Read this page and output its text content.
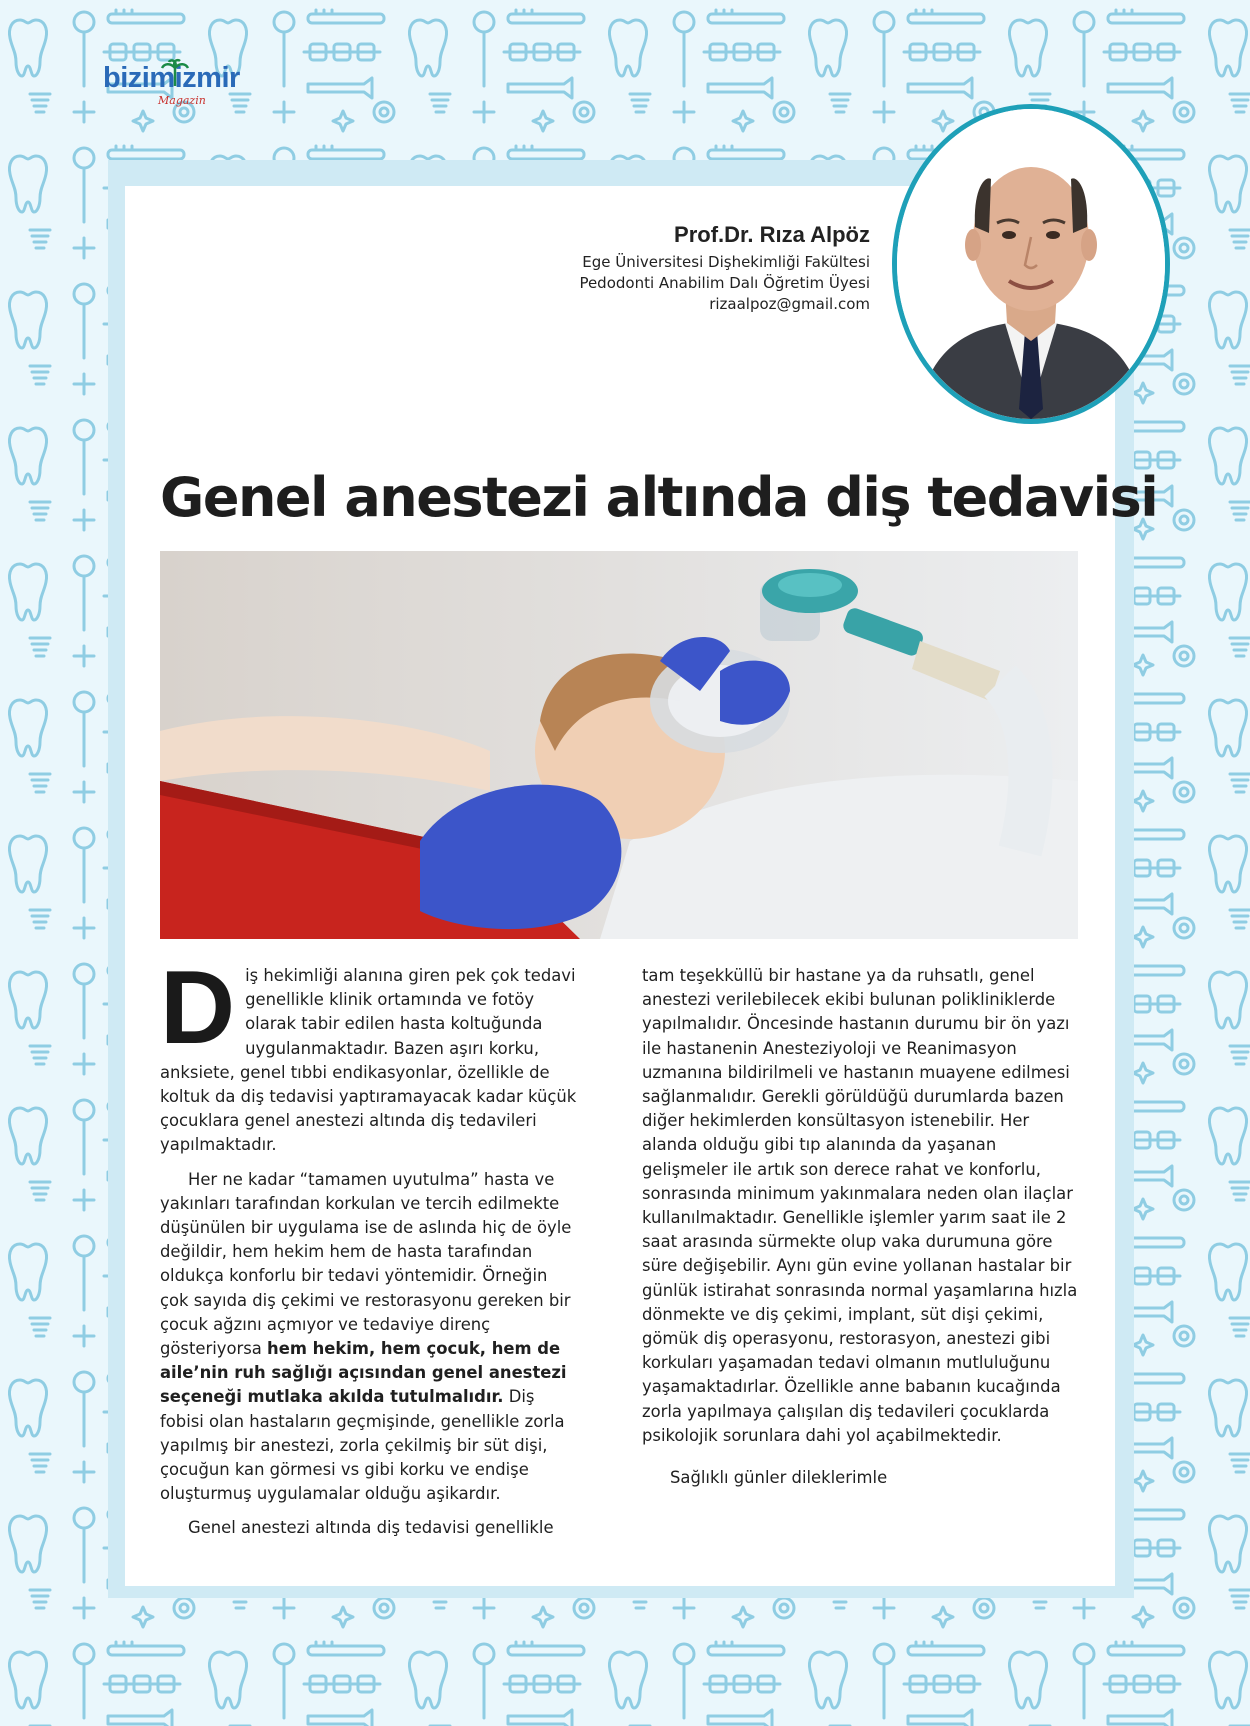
bizimizmir
Magazin
Prof.Dr. Rıza Alpöz
Ege Üniversitesi Dişhekimliği Fakültesi
Pedodonti Anabilim Dalı Öğretim Üyesi
rizaalpoz@gmail.com
Genel anestezi altında diş tedavisi

Diş hekimliği alanına giren pek çok tedavi genellikle klinik ortamında ve fotöy olarak tabir edilen hasta koltuğunda uygulanmaktadır. Bazen aşırı korku, anksiete, genel tıbbi endikasyonlar, özellikle de koltuk da diş tedavisi yaptıramayacak kadar küçük çocuklara genel anestezi altında diş tedavileri yapılmaktadır.

Her ne kadar “tamamen uyutulma” hasta ve yakınları tarafından korkulan ve tercih edilmekte düşünülen bir uygulama ise de aslında hiç de öyle değildir, hem hekim hem de hasta tarafından oldukça konforlu bir tedavi yöntemidir. Örneğin çok sayıda diş çekimi ve restorasyonu gereken bir çocuk ağzını açmıyor ve tedaviye direnç gösteriyorsa hem hekim, hem çocuk, hem de aile’nin ruh sağlığı açısından genel anestezi seçeneği mutlaka akılda tutulmalıdır. Diş fobisi olan hastaların geçmişinde, genellikle zorla yapılmış bir anestezi, zorla çekilmiş bir süt dişi, çocuğun kan görmesi vs gibi korku ve endişe oluşturmuş uygulamalar olduğu aşikardır.

Genel anestezi altında diş tedavisi genellikle

tam teşekküllü bir hastane ya da ruhsatlı, genel anestezi verilebilecek ekibi bulunan polikliniklerde yapılmalıdır. Öncesinde hastanın durumu bir ön yazı ile hastanenin Anesteziyoloji ve Reanimasyon uzmanına bildirilmeli ve hastanın muayene edilmesi sağlanmalıdır. Gerekli görüldüğü durumlarda bazen diğer hekimlerden konsültasyon istenebilir. Her alanda olduğu gibi tıp alanında da yaşanan gelişmeler ile artık son derece rahat ve konforlu, sonrasında minimum yakınmalara neden olan ilaçlar kullanılmaktadır. Genellikle işlemler yarım saat ile 2 saat arasında sürmekte olup vaka durumuna göre süre değişebilir. Aynı gün evine yollanan hastalar bir günlük istirahat sonrasında normal yaşamlarına hızla dönmekte ve diş çekimi, implant, süt dişi çekimi, gömük diş operasyonu, restorasyon, anestezi gibi korkuları yaşamadan tedavi olmanın mutluluğunu yaşamaktadırlar. Özellikle anne babanın kucağında zorla yapılmaya çalışılan diş tedavileri çocuklarda psikolojik sorunlara dahi yol açabilmektedir.

Sağlıklı günler dileklerimle
